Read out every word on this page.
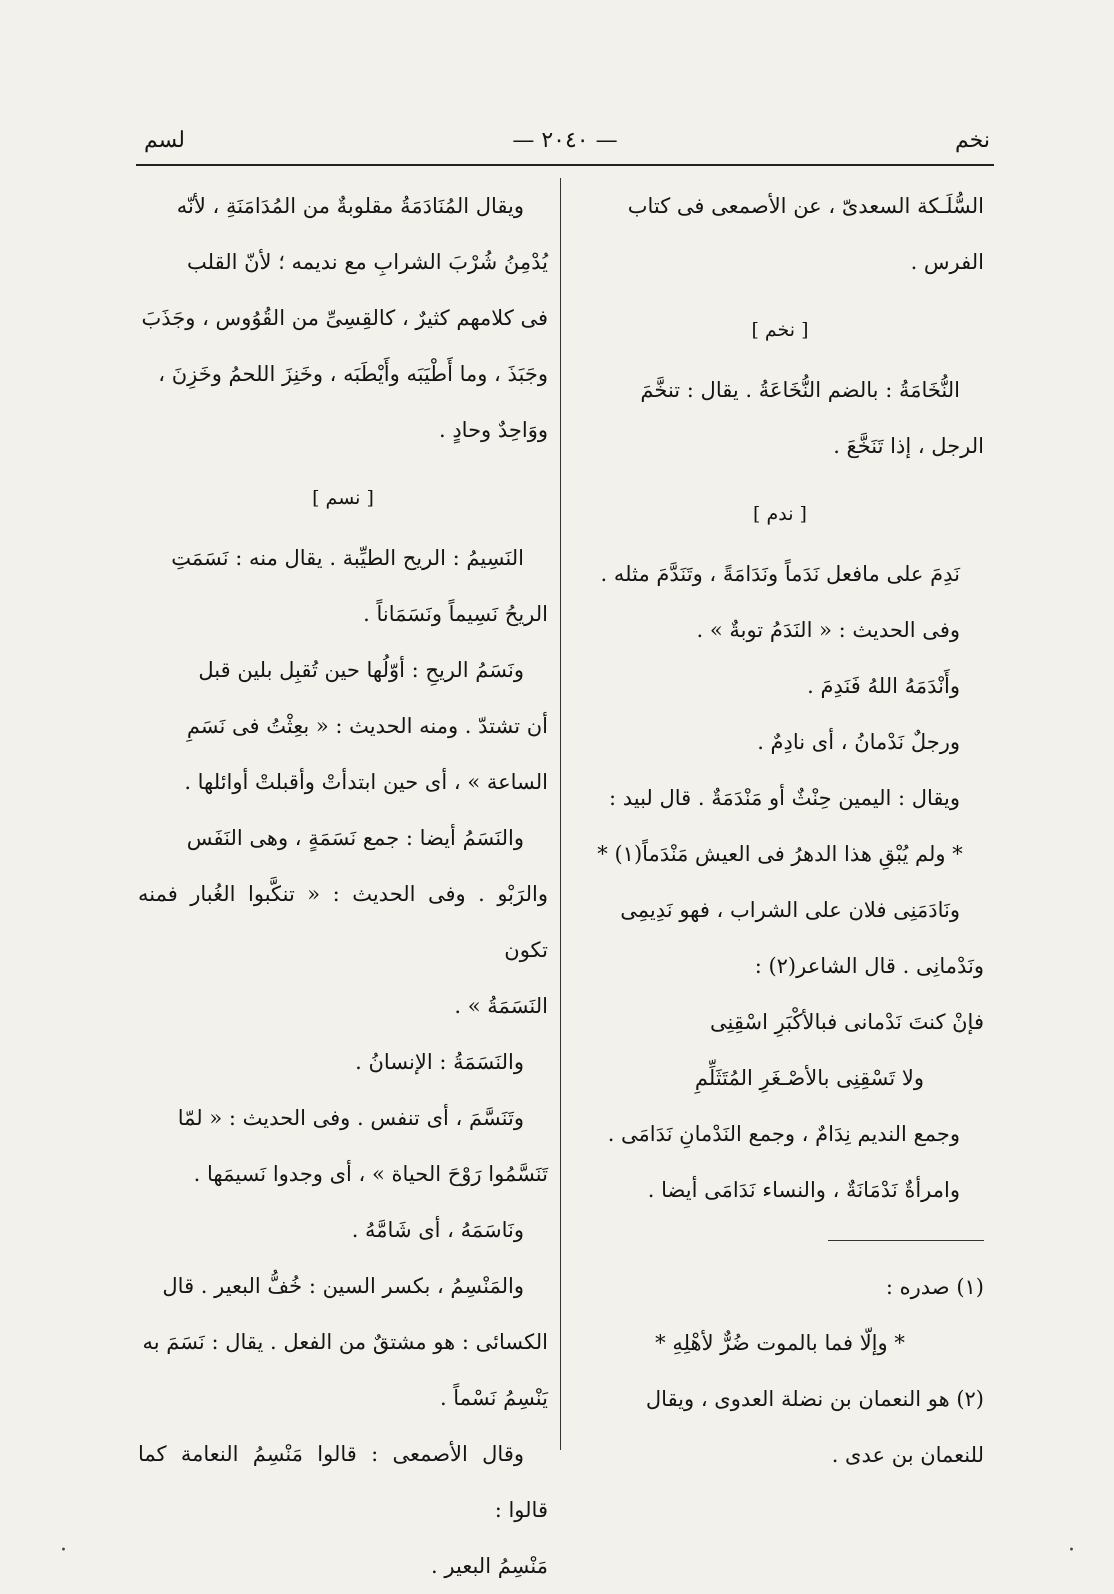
لسم	— ٢٠٤٠ —	نخم

السُّلَـكة السعدىّ ، عن الأصمعى فى كتاب

الفرس .

[ نخم ]

النُّخَامَةُ : بالضم النُّخَاعَةُ . يقال : تنخَّمَ

الرجل ، إذا تَنَخَّعَ .

[ ندم ]

نَدِمَ على مافعل نَدَماً ونَدَامَةً ، وتَنَدَّمَ مثله .

وفى الحديث : « النَدَمُ توبةٌ » .

وأَنْدَمَهُ اللهُ فَنَدِمَ .

ورجلٌ نَدْمانُ ، أى نادِمٌ .

ويقال : اليمين حِنْثٌ أو مَنْدَمَةٌ . قال لبيد :

* ولم يُبْقِ هذا الدهرُ فى العيش مَنْدَماً(١) *

ونَادَمَنِى فلان على الشراب ، فهو نَدِيمِى

ونَدْمانِى . قال الشاعر(٢) :

فإنْ كنتَ نَدْمانى فبالأكْبَرِ اسْقِنِى
ولا تَسْقِنِى بالأصْـغَرِ المُتَثَلِّمِ

وجمع النديم نِدَامٌ ، وجمع النَدْمانِ نَدَامَى .

وامرأةٌ نَدْمَانَةٌ ، والنساء نَدَامَى أيضا .

(١) صدره :

* وإلّا فما بالموت ضُرٌّ لأهْلِهِ *

(٢) هو النعمان بن نضلة العدوى ، ويقال

للنعمان بن عدى .

ويقال المُنَادَمَةُ مقلوبةٌ من المُدَامَنَةِ ، لأنّه

يُدْمِنُ شُرْبَ الشرابِ مع نديمه ؛ لأنّ القلب

فى كلامهم كثيرٌ ، كالقِسِىِّ من القُوُوس ، وجَذَبَ

وجَبَذَ ، وما أَطْيَبَه وأَيْطَبَه ، وخَنِزَ اللحمُ وخَزِنَ ،

ووَاحِدٌ وحادٍ .

[ نسم ]

النَسِيمُ : الريح الطيِّبة . يقال منه : نَسَمَتِ

الريحُ نَسِيماً ونَسَمَاناً .

ونَسَمُ الريحِ : أوّلُها حين تُقبِل بلين قبل

أن تشتدّ . ومنه الحديث : « بعِثْتُ فى نَسَمِ

الساعة » ، أى حين ابتدأتْ وأقبلتْ أوائلها .

والنَسَمُ أيضا : جمع نَسَمَةٍ ، وهى النَفَس

والرَبْو . وفى الحديث : « تنكَّبوا الغُبار فمنه تكون

النَسَمَةُ » .

والنَسَمَةُ : الإنسانُ .

وتَنَسَّمَ ، أى تنفس . وفى الحديث : « لمّا

تَنَسَّمُوا رَوْحَ الحياة » ، أى وجدوا نَسيمَها .

ونَاسَمَهُ ، أى شَامَّهُ .

والمَنْسِمُ ، بكسر السين : خُفُّ البعير . قال

الكسائى : هو مشتقٌ من الفعل . يقال : نَسَمَ به

يَنْسِمُ نَسْماً .

وقال الأصمعى : قالوا مَنْسِمُ النعامة كما قالوا :

مَنْسِمُ البعير .

·	·
